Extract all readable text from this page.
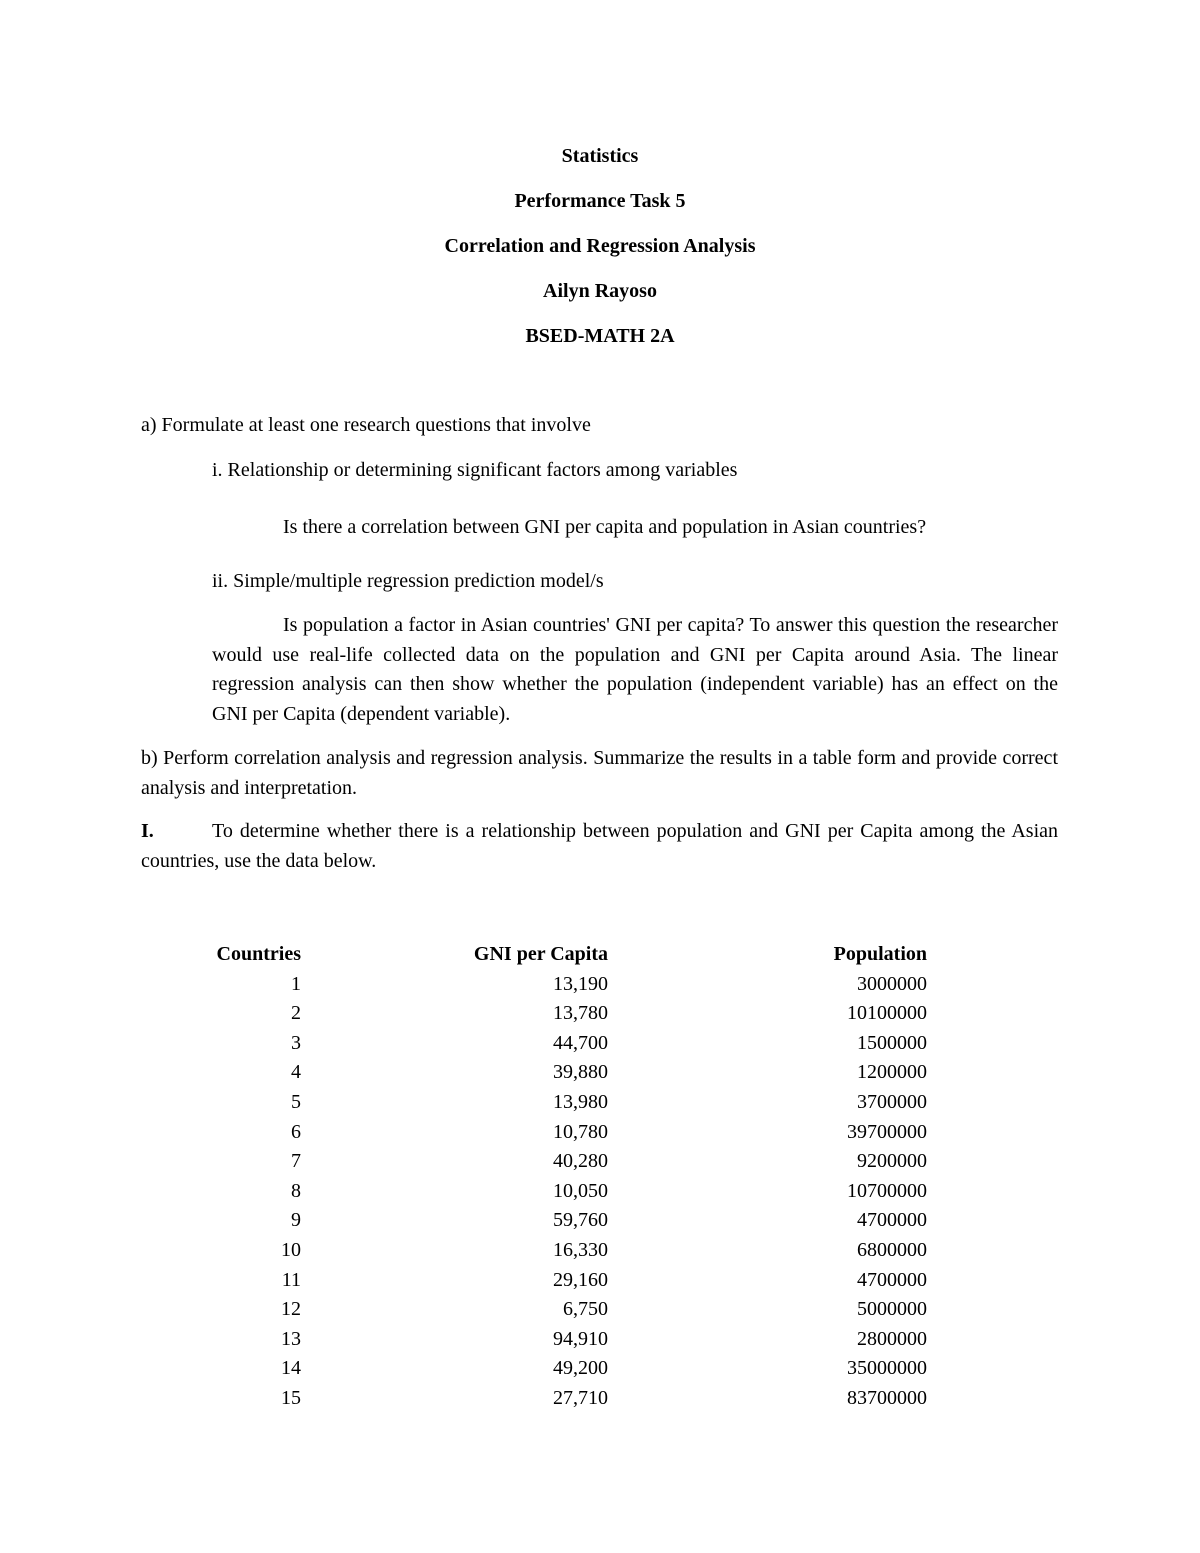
Statistics
Performance Task 5
Correlation and Regression Analysis
Ailyn Rayoso
BSED-MATH 2A
a) Formulate at least one research questions that involve
i. Relationship or determining significant factors among variables
Is there a correlation between GNI per capita and population in Asian countries?
ii. Simple/multiple regression prediction model/s
Is population a factor in Asian countries' GNI per capita? To answer this question the researcher would use real-life collected data on the population and GNI per Capita around Asia. The linear regression analysis can then show whether the population (independent variable) has an effect on the GNI per Capita (dependent variable).
b) Perform correlation analysis and regression analysis. Summarize the results in a table form and provide correct analysis and interpretation.
I.	To determine whether there is a relationship between population and GNI per Capita among the Asian countries, use the data below.
Countries	GNI per Capita	Population
1	13,190	3000000
2	13,780	10100000
3	44,700	1500000
4	39,880	1200000
5	13,980	3700000
6	10,780	39700000
7	40,280	9200000
8	10,050	10700000
9	59,760	4700000
10	16,330	6800000
11	29,160	4700000
12	6,750	5000000
13	94,910	2800000
14	49,200	35000000
15	27,710	83700000
